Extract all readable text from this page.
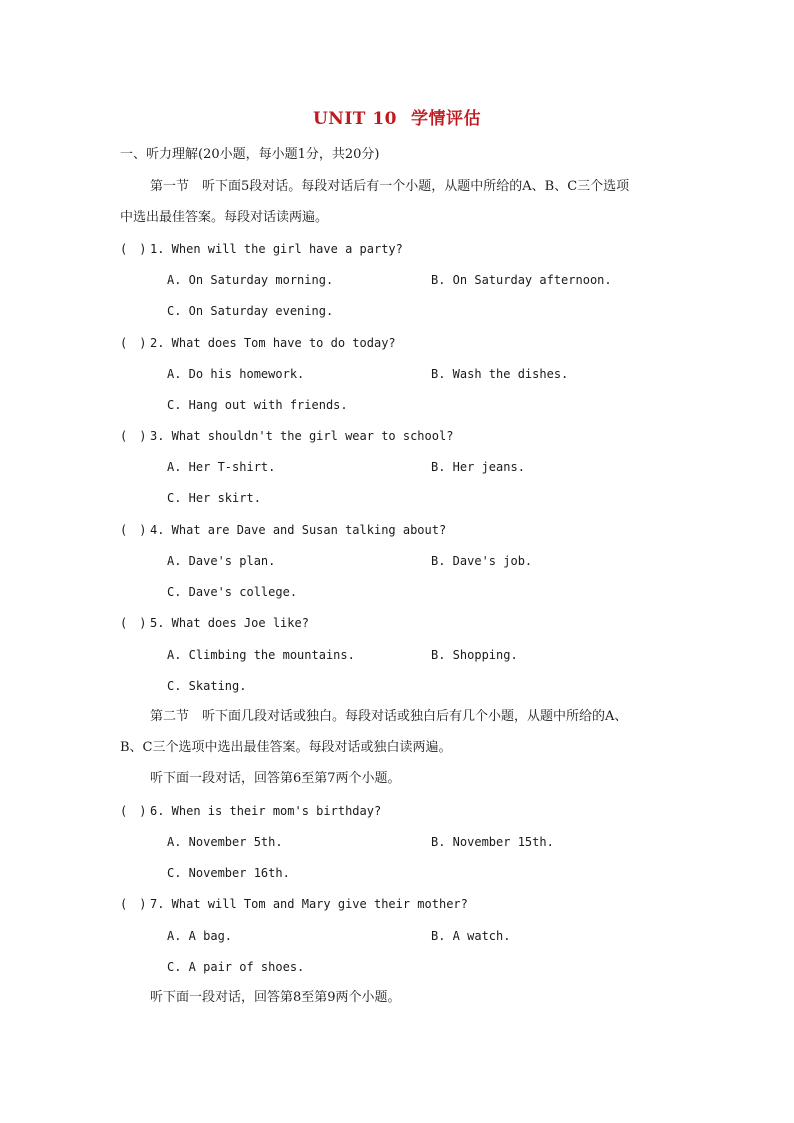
UNIT 10 学情评估
一、听力理解(20小题，每小题1分，共20分)
第一节　听下面5段对话。每段对话后有一个小题，从题中所给的A、B、C三个选项
中选出最佳答案。每段对话读两遍。
(　) 1. When will the girl have a party?
A. On Saturday morning.	B. On Saturday afternoon.
C. On Saturday evening.
(　) 2. What does Tom have to do today?
A. Do his homework.	B. Wash the dishes.
C. Hang out with friends.
(　) 3. What shouldn't the girl wear to school?
A. Her T-shirt.	B. Her jeans.
C. Her skirt.
(　) 4. What are Dave and Susan talking about?
A. Dave's plan.	B. Dave's job.
C. Dave's college.
(　) 5. What does Joe like?
A. Climbing the mountains.	B. Shopping.
C. Skating.
第二节　听下面几段对话或独白。每段对话或独白后有几个小题，从题中所给的A、
B、C三个选项中选出最佳答案。每段对话或独白读两遍。
听下面一段对话，回答第6至第7两个小题。
(　) 6. When is their mom's birthday?
A. November 5th.	B. November 15th.
C. November 16th.
(　) 7. What will Tom and Mary give their mother?
A. A bag.	B. A watch.
C. A pair of shoes.
听下面一段对话，回答第8至第9两个小题。
